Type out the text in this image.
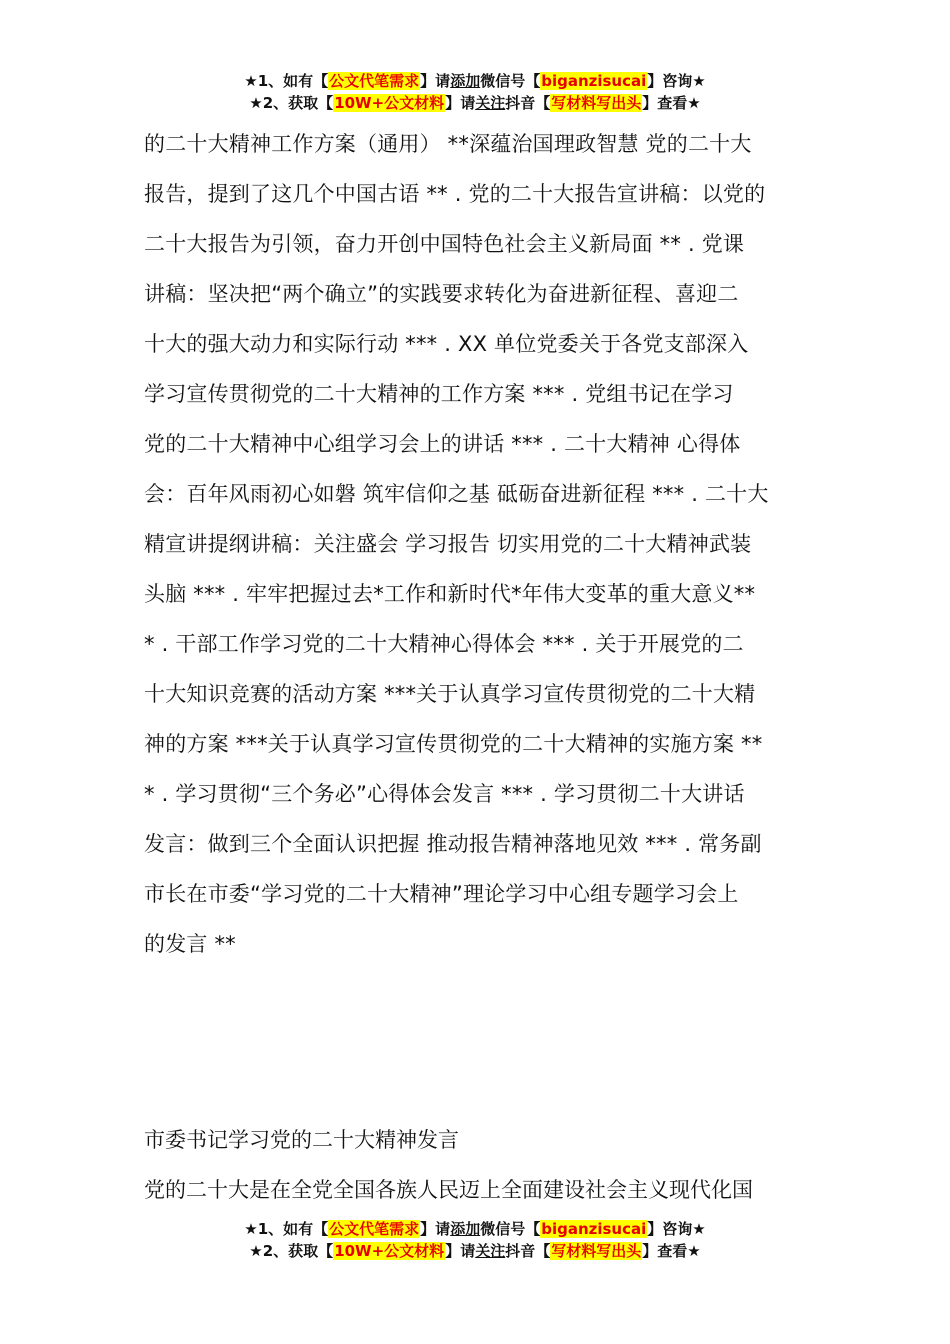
★1、如有【公文代笔需求】请添加微信号【biganzisucai】咨询★
★2、获取【10W+公文材料】请关注抖音【写材料写出头】查看★
的二十大精神工作方案（通用） **深蕴治国理政智慧 党的二十大
报告，提到了这几个中国古语 ** . 党的二十大报告宣讲稿：以党的
二十大报告为引领，奋力开创中国特色社会主义新局面 ** . 党课
讲稿：坚决把“两个确立”的实践要求转化为奋进新征程、喜迎二
十大的强大动力和实际行动 *** . XX 单位党委关于各党支部深入
学习宣传贯彻党的二十大精神的工作方案 *** . 党组书记在学习
党的二十大精神中心组学习会上的讲话 *** . 二十大精神 心得体
会：百年风雨初心如磐 筑牢信仰之基 砥砺奋进新征程 *** . 二十大
精宣讲提纲讲稿：关注盛会 学习报告 切实用党的二十大精神武装
头脑 *** . 牢牢把握过去*工作和新时代*年伟大变革的重大意义**
* . 干部工作学习党的二十大精神心得体会 *** . 关于开展党的二
十大知识竞赛的活动方案 ***关于认真学习宣传贯彻党的二十大精
神的方案 ***关于认真学习宣传贯彻党的二十大精神的实施方案 **
* . 学习贯彻“三个务必”心得体会发言 *** . 学习贯彻二十大讲话
发言：做到三个全面认识把握 推动报告精神落地见效 *** . 常务副
市长在市委“学习党的二十大精神”理论学习中心组专题学习会上
的发言 **
市委书记学习党的二十大精神发言
党的二十大是在全党全国各族人民迈上全面建设社会主义现代化国
★1、如有【公文代笔需求】请添加微信号【biganzisucai】咨询★
★2、获取【10W+公文材料】请关注抖音【写材料写出头】查看★
